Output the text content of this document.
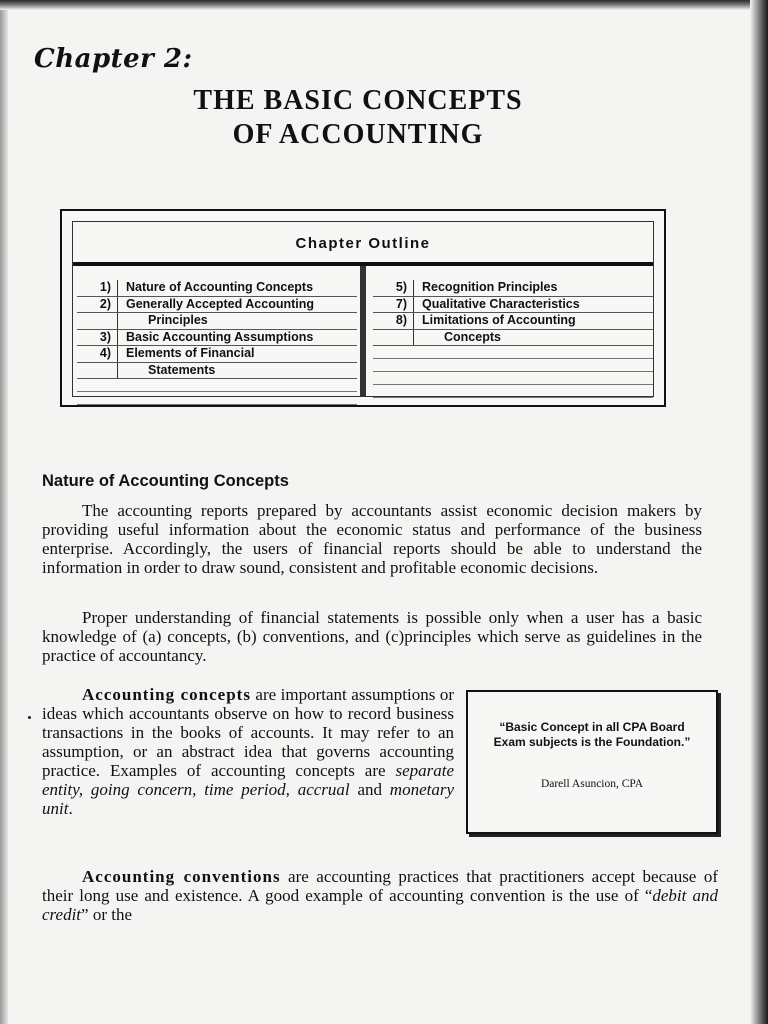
Chapter 2:
THE BASIC CONCEPTS
OF ACCOUNTING
Chapter Outline
1)	Nature of Accounting Concepts
2)	Generally Accepted Accounting
Principles
3)	Basic Accounting Assumptions
4)	Elements of Financial
Statements
5)	Recognition Principles
7)	Qualitative Characteristics
8)	Limitations of Accounting
Concepts
Nature of Accounting Concepts

The accounting reports prepared by accountants assist economic decision makers by providing useful information about the economic status and performance of the business enterprise. Accordingly, the users of financial reports should be able to understand the information in order to draw sound, consistent and profitable economic decisions.

Proper understanding of financial statements is possible only when a user has a basic knowledge of (a) concepts, (b) conventions, and (c)principles which serve as guidelines in the practice of accountancy.

Accounting concepts are important assumptions or ideas which accountants observe on how to record business transactions in the books of accounts. It may refer to an assumption, or an abstract idea that governs accounting practice. Examples of accounting concepts are separate entity, going concern, time period, accrual and monetary unit.

“Basic Concept in all CPA Board Exam subjects is the Foundation.”
Darell Asuncion, CPA

Accounting conventions are accounting practices that practitioners accept because of their long use and existence. A good example of accounting convention is the use of “debit and credit” or the
